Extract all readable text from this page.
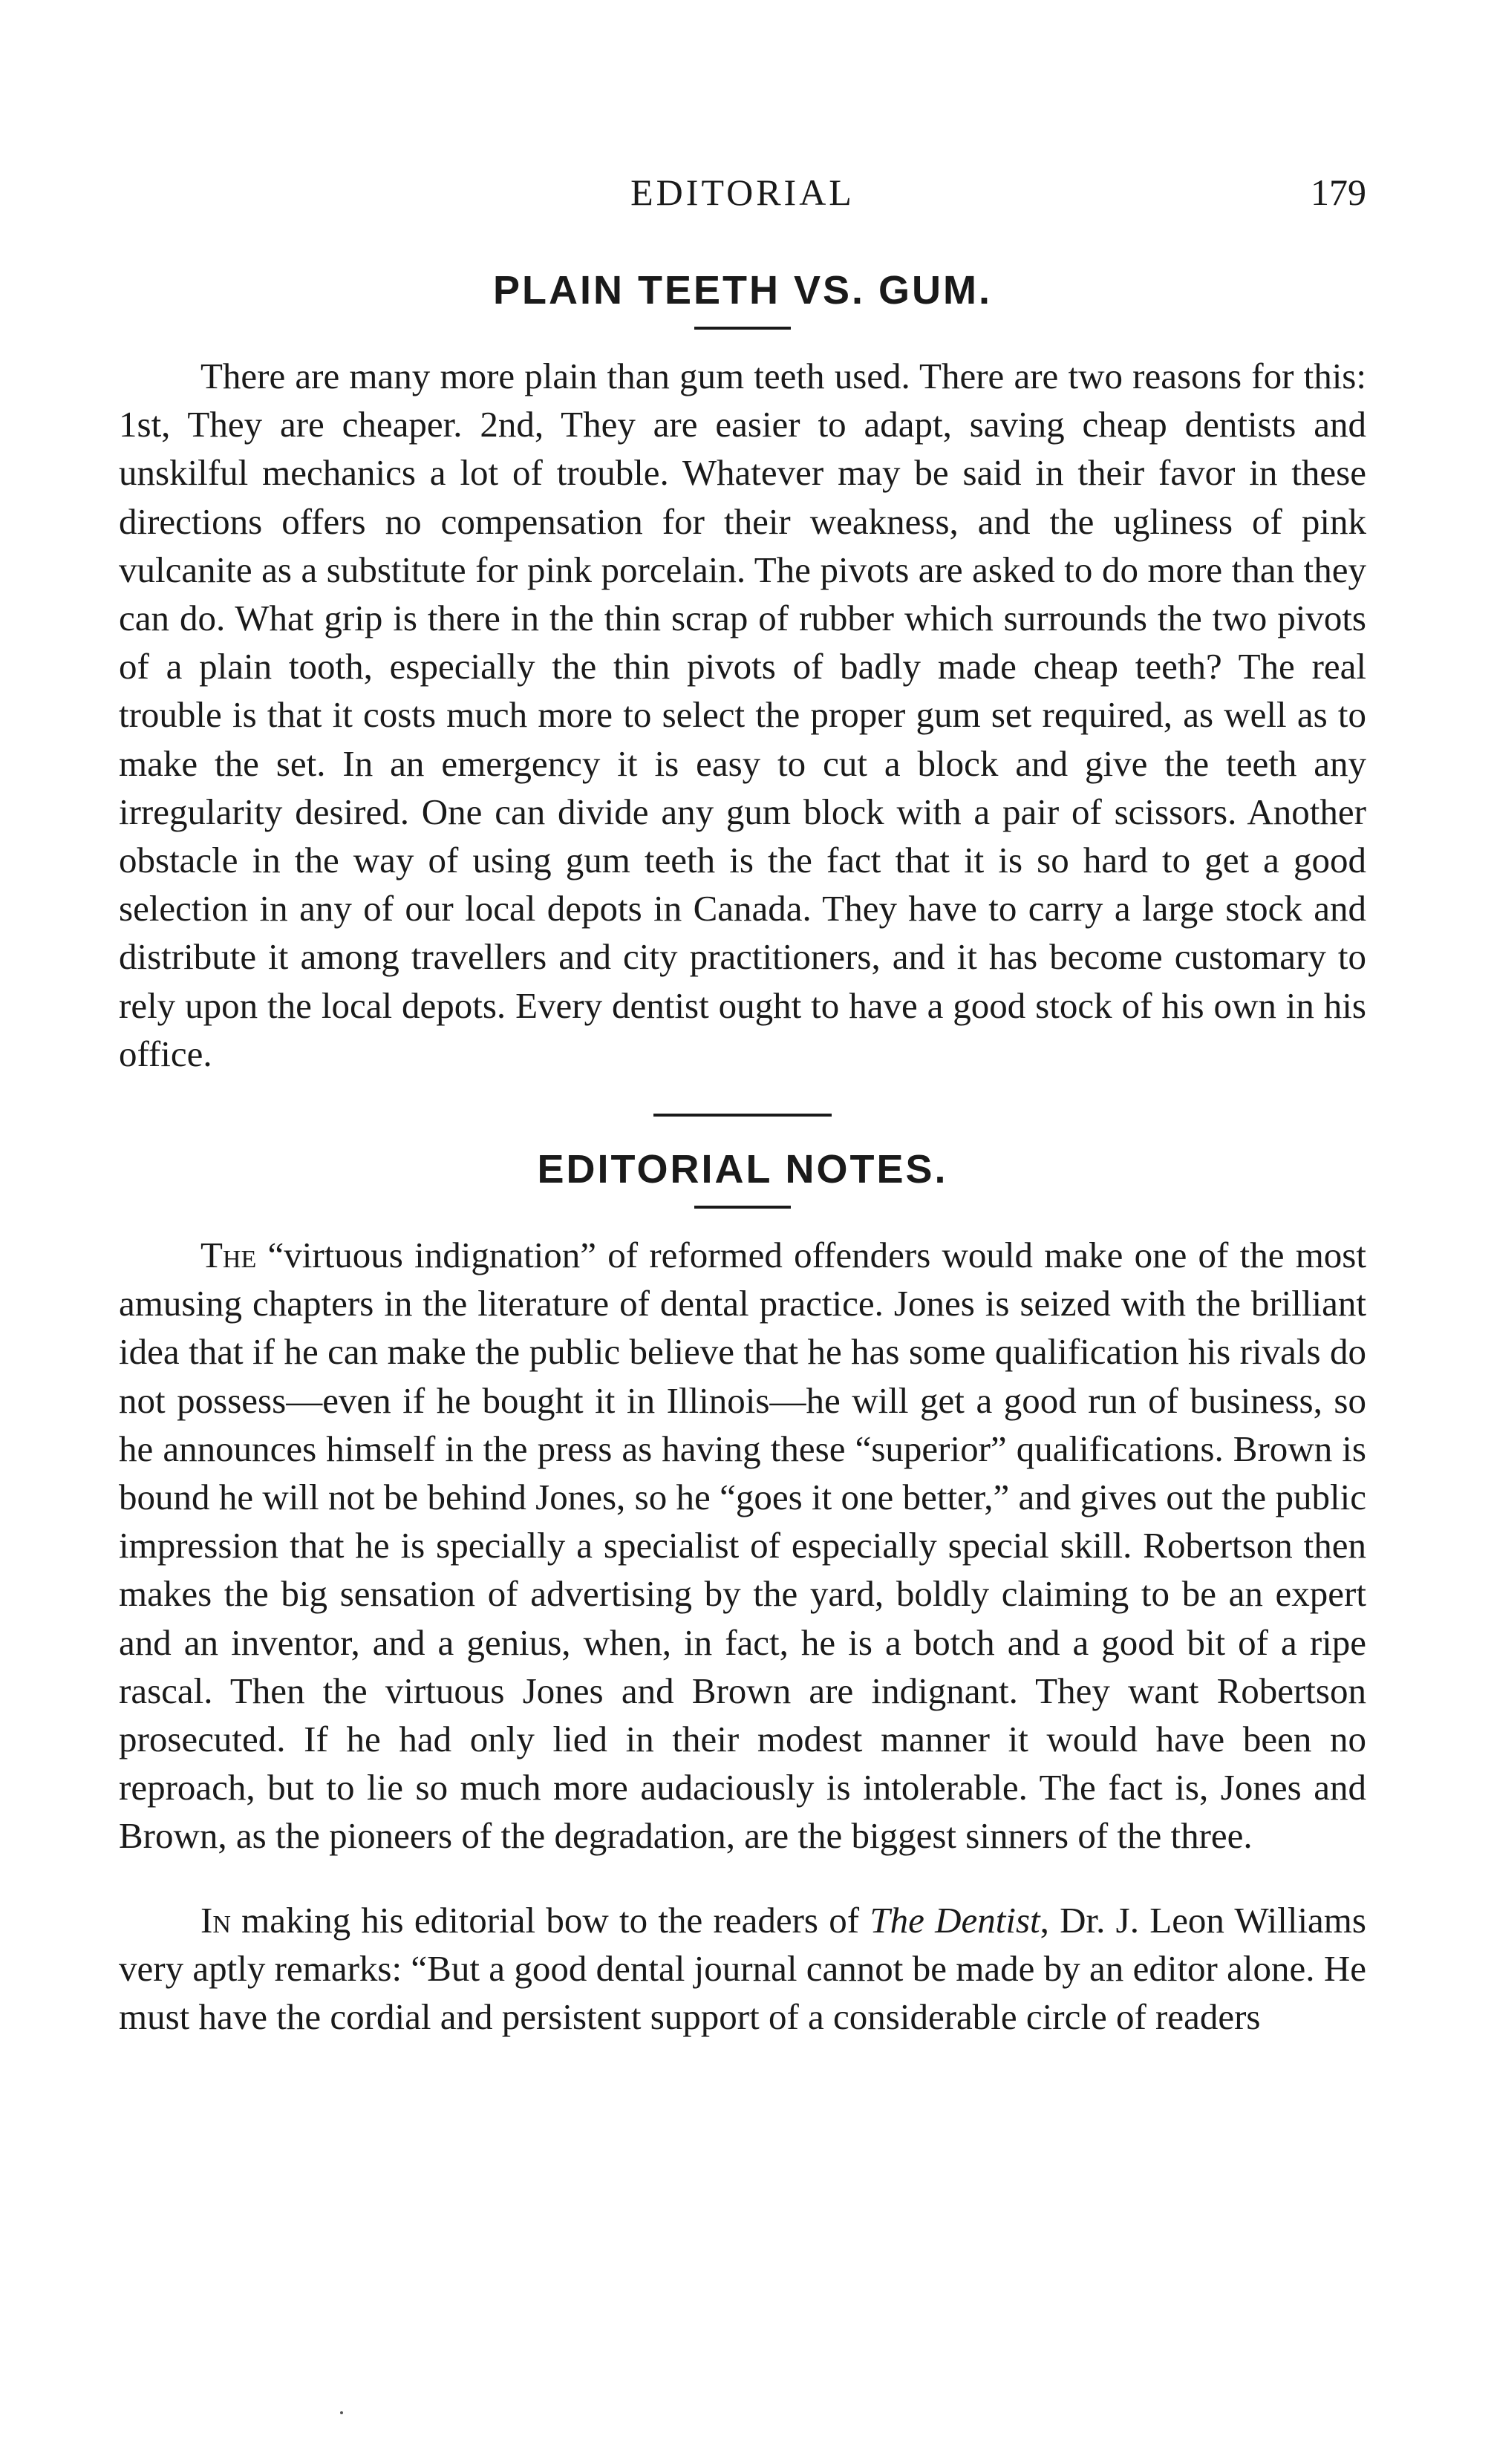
EDITORIAL	179
PLAIN TEETH VS. GUM.

There are many more plain than gum teeth used. There are two reasons for this: 1st, They are cheaper. 2nd, They are easier to adapt, saving cheap dentists and unskilful mechanics a lot of trouble. Whatever may be said in their favor in these directions offers no compensation for their weakness, and the ugliness of pink vulcanite as a substitute for pink porcelain. The pivots are asked to do more than they can do. What grip is there in the thin scrap of rubber which surrounds the two pivots of a plain tooth, especially the thin pivots of badly made cheap teeth? The real trouble is that it costs much more to select the proper gum set required, as well as to make the set. In an emergency it is easy to cut a block and give the teeth any irregularity desired. One can divide any gum block with a pair of scissors. Another obstacle in the way of using gum teeth is the fact that it is so hard to get a good selection in any of our local depots in Canada. They have to carry a large stock and distribute it among travellers and city practitioners, and it has become customary to rely upon the local depots. Every dentist ought to have a good stock of his own in his office.

EDITORIAL NOTES.

The “virtuous indignation” of reformed offenders would make one of the most amusing chapters in the literature of dental practice. Jones is seized with the brilliant idea that if he can make the public believe that he has some qualification his rivals do not possess—even if he bought it in Illinois—he will get a good run of business, so he announces himself in the press as having these “superior” qualifications. Brown is bound he will not be behind Jones, so he “goes it one better,” and gives out the public impression that he is specially a specialist of especially special skill. Robertson then makes the big sensation of advertising by the yard, boldly claiming to be an expert and an inventor, and a genius, when, in fact, he is a botch and a good bit of a ripe rascal. Then the virtuous Jones and Brown are indignant. They want Robertson prosecuted. If he had only lied in their modest manner it would have been no reproach, but to lie so much more audaciously is intolerable. The fact is, Jones and Brown, as the pioneers of the degradation, are the biggest sinners of the three.

In making his editorial bow to the readers of The Dentist, Dr. J. Leon Williams very aptly remarks: “But a good dental journal cannot be made by an editor alone. He must have the cordial and persistent support of a considerable circle of readers
